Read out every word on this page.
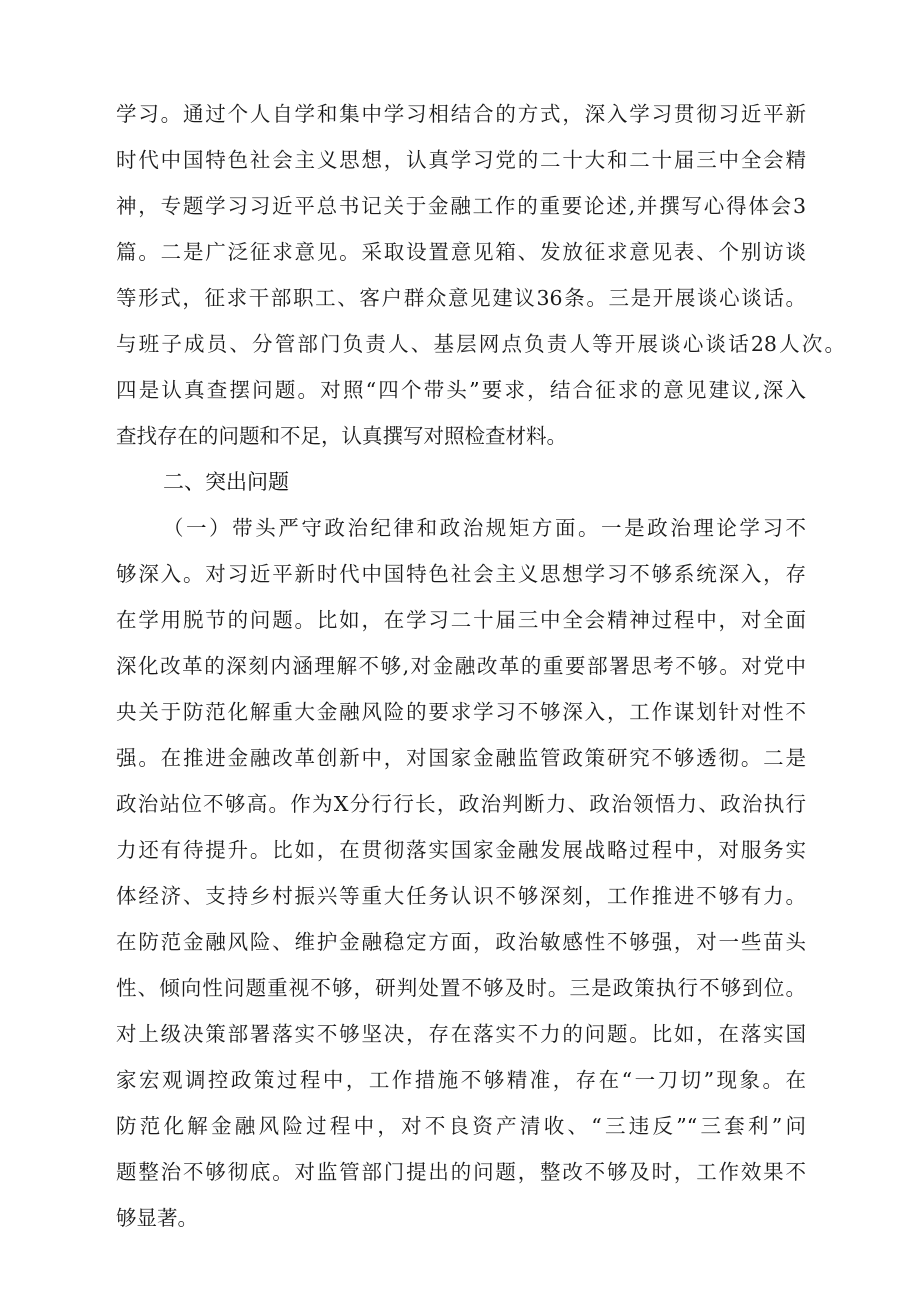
学习。通过个人自学和集中学习相结合的方式，深入学习贯彻习近平新
时代中国特色社会主义思想，认真学习党的二十大和二十届三中全会精
神，专题学习习近平总书记关于金融工作的重要论述,并撰写心得体会3
篇。二是广泛征求意见。采取设置意见箱、发放征求意见表、个别访谈
等形式，征求干部职工、客户群众意见建议36条。三是开展谈心谈话。
与班子成员、分管部门负责人、基层网点负责人等开展谈心谈话28人次。
四是认真查摆问题。对照“四个带头”要求，结合征求的意见建议,深入
查找存在的问题和不足，认真撰写对照检查材料。
二、突出问题
（一）带头严守政治纪律和政治规矩方面。一是政治理论学习不
够深入。对习近平新时代中国特色社会主义思想学习不够系统深入，存
在学用脱节的问题。比如，在学习二十届三中全会精神过程中，对全面
深化改革的深刻内涵理解不够,对金融改革的重要部署思考不够。对党中
央关于防范化解重大金融风险的要求学习不够深入，工作谋划针对性不
强。在推进金融改革创新中，对国家金融监管政策研究不够透彻。二是
政治站位不够高。作为X分行行长，政治判断力、政治领悟力、政治执行
力还有待提升。比如，在贯彻落实国家金融发展战略过程中，对服务实
体经济、支持乡村振兴等重大任务认识不够深刻，工作推进不够有力。
在防范金融风险、维护金融稳定方面，政治敏感性不够强，对一些苗头
性、倾向性问题重视不够，研判处置不够及时。三是政策执行不够到位。
对上级决策部署落实不够坚决，存在落实不力的问题。比如，在落实国
家宏观调控政策过程中，工作措施不够精准，存在“一刀切”现象。在
防范化解金融风险过程中，对不良资产清收、“三违反”“三套利”问
题整治不够彻底。对监管部门提出的问题，整改不够及时，工作效果不
够显著。
